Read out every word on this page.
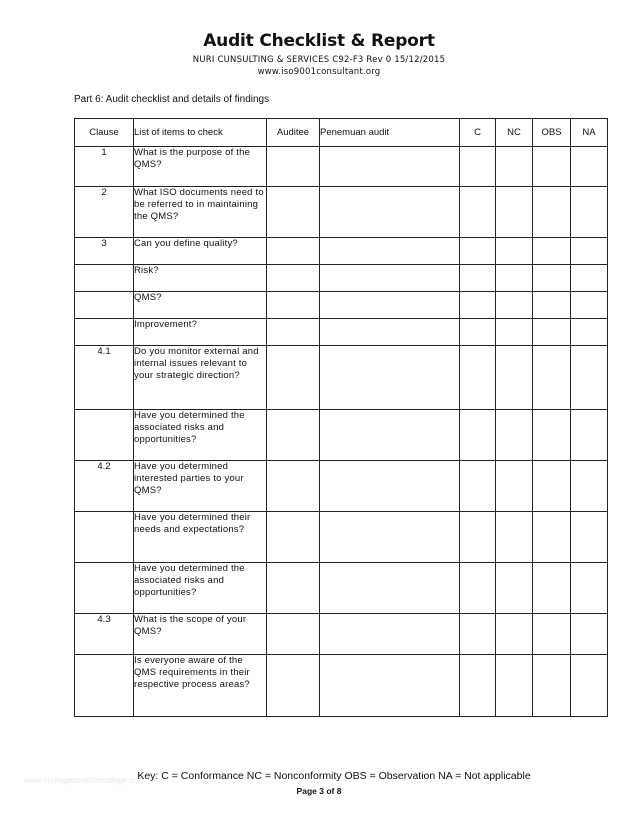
Audit Checklist & Report
NURI CUNSULTING & SERVICES C92-F3 Rev 0 15/12/2015
www.iso9001consultant.org
Part 6: Audit checklist and details of findings
Clause	List of items to check	Auditee	Penemuan audit	C	NC	OBS	NA
1	What is the purpose of the QMS?						
2	What ISO documents need to be referred to in maintaining the QMS?						
3	Can you define quality?						
	Risk?						
	QMS?						
	Improvement?						
4.1	Do you monitor external and internal issues relevant to your strategic direction?						
	Have you determined the associated risks and opportunities?						
4.2	Have you determined interested parties to your QMS?						
	Have you determined their needs and expectations?						
	Have you determined the associated risks and opportunities?						
4.3	What is the scope of your QMS?						
	Is everyone aware of the QMS requirements in their respective process areas?						
www.heritagechristiancollege.com
Key: C = Conformance NC = Nonconformity OBS = Observation NA = Not applicable
Page 3 of 8
